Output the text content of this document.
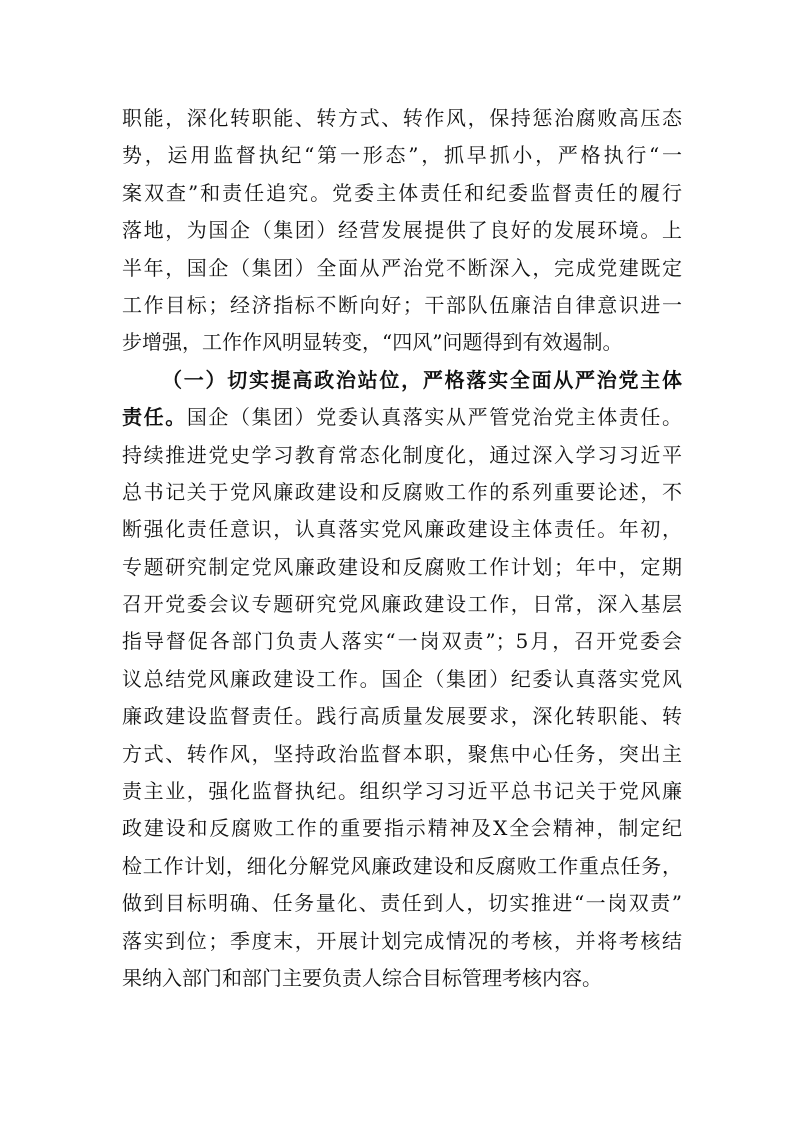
职能，深化转职能、转方式、转作风，保持惩治腐败高压态
势，运用监督执纪“第一形态”，抓早抓小，严格执行“一
案双查”和责任追究。党委主体责任和纪委监督责任的履行
落地，为国企（集团）经营发展提供了良好的发展环境。上
半年，国企（集团）全面从严治党不断深入，完成党建既定
工作目标；经济指标不断向好；干部队伍廉洁自律意识进一
步增强，工作作风明显转变，“四风”问题得到有效遏制。
（一）切实提高政治站位，严格落实全面从严治党主体
责任。国企（集团）党委认真落实从严管党治党主体责任。
持续推进党史学习教育常态化制度化，通过深入学习习近平
总书记关于党风廉政建设和反腐败工作的系列重要论述，不
断强化责任意识，认真落实党风廉政建设主体责任。年初，
专题研究制定党风廉政建设和反腐败工作计划；年中，定期
召开党委会议专题研究党风廉政建设工作，日常，深入基层
指导督促各部门负责人落实“一岗双责”；5月，召开党委会
议总结党风廉政建设工作。国企（集团）纪委认真落实党风
廉政建设监督责任。践行高质量发展要求，深化转职能、转
方式、转作风，坚持政治监督本职，聚焦中心任务，突出主
责主业，强化监督执纪。组织学习习近平总书记关于党风廉
政建设和反腐败工作的重要指示精神及X全会精神，制定纪
检工作计划，细化分解党风廉政建设和反腐败工作重点任务，
做到目标明确、任务量化、责任到人，切实推进“一岗双责”
落实到位；季度末，开展计划完成情况的考核，并将考核结
果纳入部门和部门主要负责人综合目标管理考核内容。
